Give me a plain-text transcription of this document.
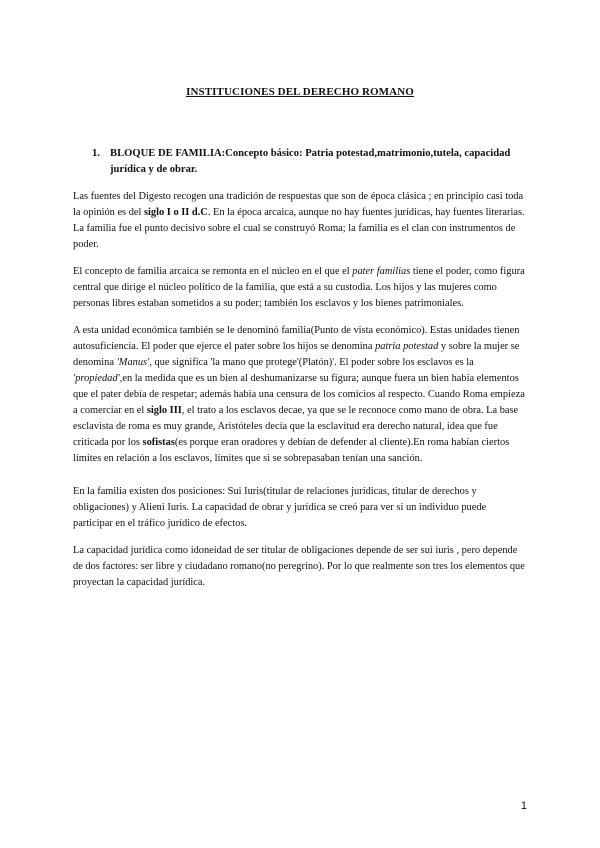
INSTITUCIONES DEL DERECHO ROMANO
1. BLOQUE DE FAMILIA:Concepto básico: Patria potestad,matrimonio,tutela, capacidad jurídica y de obrar.

Las fuentes del Digesto recogen una tradición de respuestas que son de época clásica ; en principio casi toda la opinión es del siglo I o II d.C. En la época arcaica, aunque no hay fuentes jurídicas, hay fuentes literarias. La familia fue el punto decisivo sobre el cual se construyó Roma; la familia es el clan con instrumentos de poder.

El concepto de familia arcaica se remonta en el núcleo en el que el pater familias tiene el poder, como figura central que dirige el núcleo político de la familia, que está a su custodia. Los hijos y las mujeres como personas libres estaban sometidos a su poder; también los esclavos y los bienes patrimoniales.

A esta unidad económica también se le denominó familia(Punto de vista económico). Estas unidades tienen autosuficiencia. El poder que ejerce el pater sobre los hijos se denomina patria potestad y sobre la mujer se denomina 'Manus', que significa 'la mano que protege'(Platón)'. El poder sobre los esclavos es la 'propiedad',en la medida que es un bien al deshumanizarse su figura; aunque fuera un bien había elementos que el pater debía de respetar; además había una censura de los comicios al respecto. Cuando Roma empieza a comerciar en el siglo III, el trato a los esclavos decae, ya que se le reconoce como mano de obra. La base esclavista de roma es muy grande, Aristóteles decía que la esclavitud era derecho natural, idea que fue criticada por los sofistas(es porque eran oradores y debían de defender al cliente).En roma habían ciertos límites en relación a los esclavos, límites que si se sobrepasaban tenían una sanción.

En la familia existen dos posiciones: Sui Iuris(titular de relaciones jurídicas, titular de derechos y obligaciones) y Alieni Iuris. La capacidad de obrar y jurídica se creó para ver si un individuo puede participar en el tráfico jurídico de efectos.

La capacidad jurídica como idoneidad de ser titular de obligaciones depende de ser sui iuris , pero depende de dos factores: ser libre y ciudadano romano(no peregrino). Por lo que realmente son tres los elementos que proyectan la capacidad jurídica.

1
